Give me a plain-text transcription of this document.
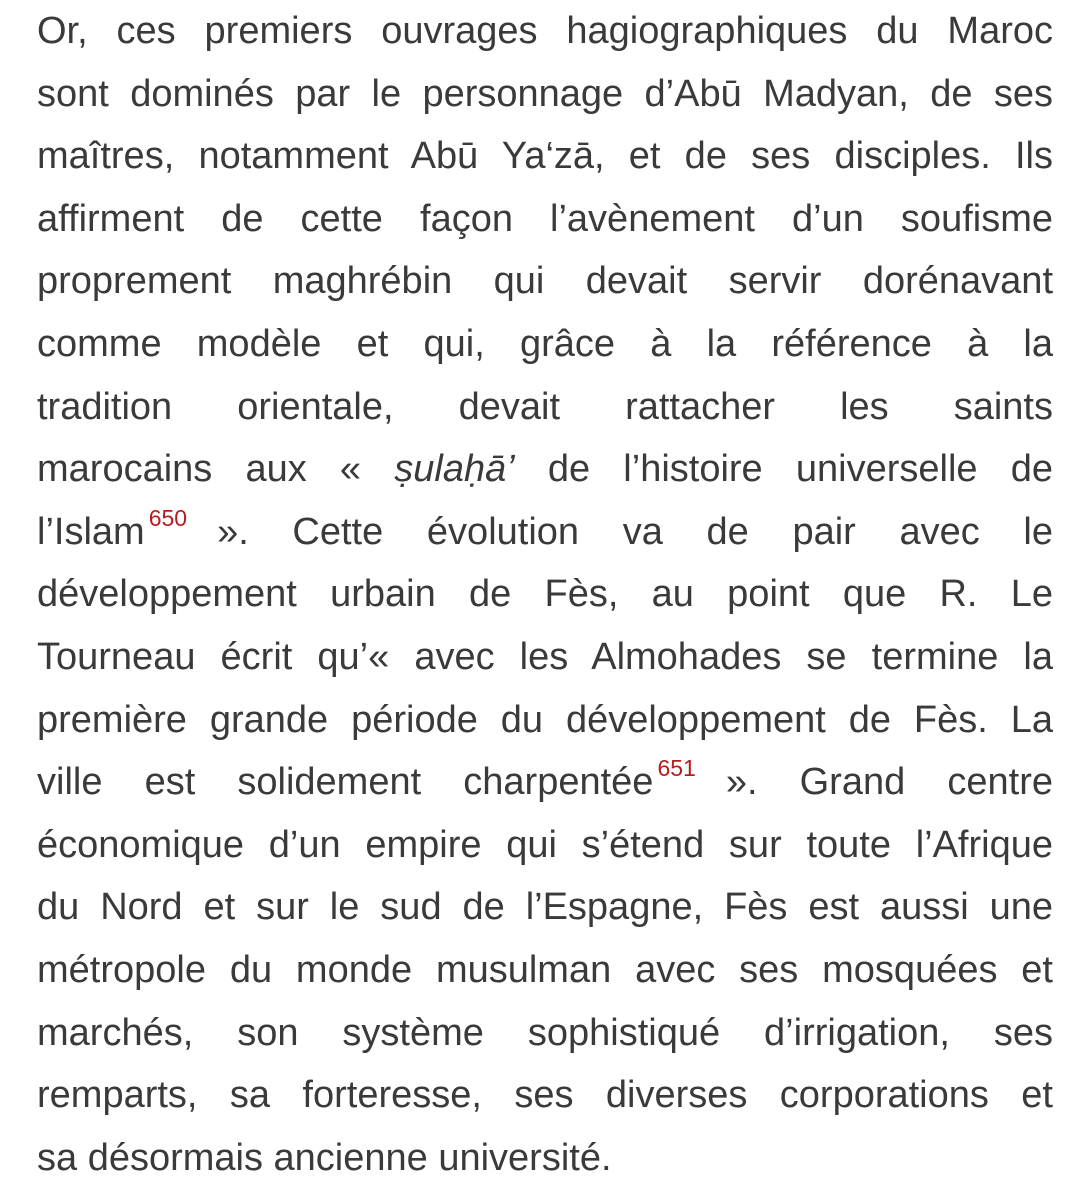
Or, ces premiers ouvrages hagiographiques du Maroc
sont dominés par le personnage d’Abū Madyan, de ses
maîtres, notamment Abū Ya‘zā, et de ses disciples. Ils
affirment de cette façon l’avènement d’un soufisme
proprement maghrébin qui devait servir dorénavant
comme modèle et qui, grâce à la référence à la
tradition orientale, devait rattacher les saints
marocains aux « ṣulaḥā’ de l’histoire universelle de
l’Islam $^{650}$ ». Cette évolution va de pair avec le
développement urbain de Fès, au point que R. Le
Tourneau écrit qu’« avec les Almohades se termine la
première grande période du développement de Fès. La
ville est solidement charpentée $^{651}$ ». Grand centre
économique d’un empire qui s’étend sur toute l’Afrique
du Nord et sur le sud de l’Espagne, Fès est aussi une
métropole du monde musulman avec ses mosquées et
marchés, son système sophistiqué d’irrigation, ses
remparts, sa forteresse, ses diverses corporations et
sa désormais ancienne université.
